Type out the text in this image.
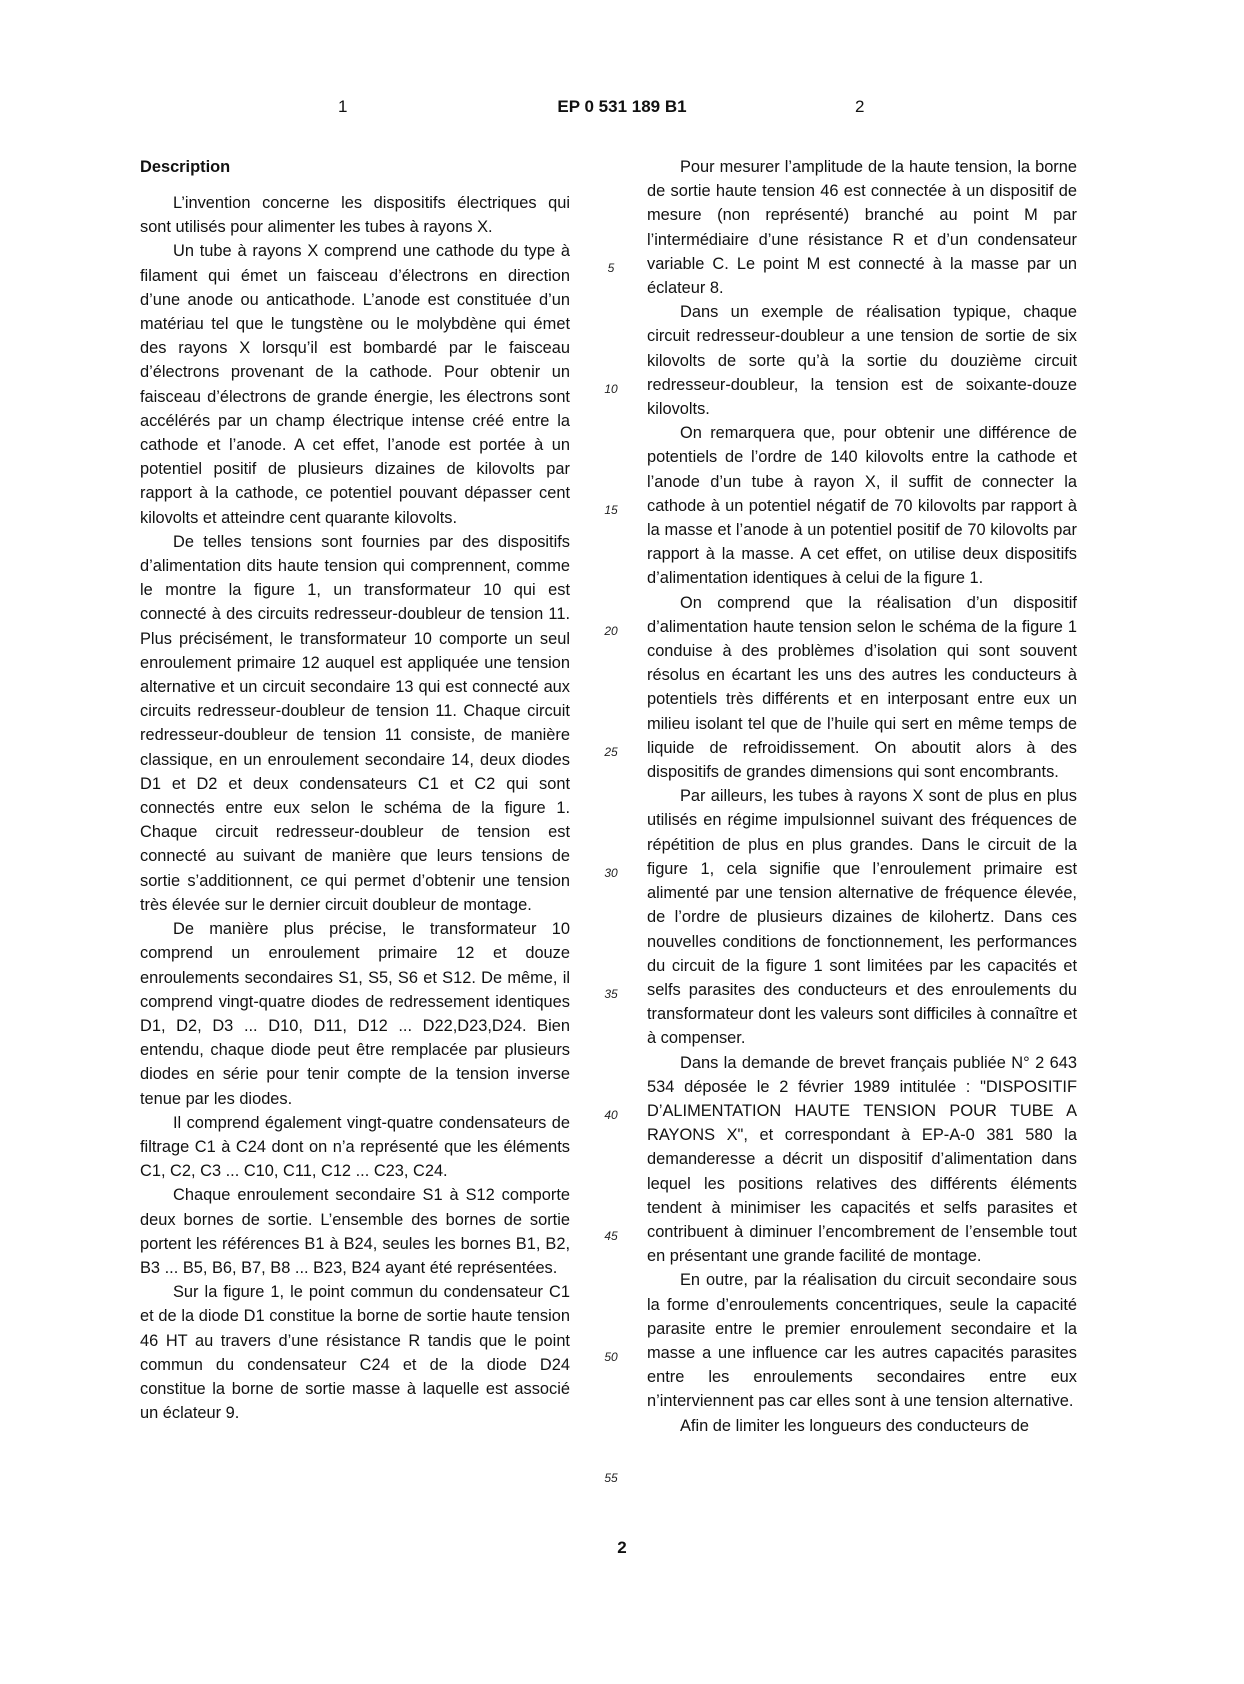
1	EP 0 531 189 B1	2
Description

L’invention concerne les dispositifs électriques qui sont utilisés pour alimenter les tubes à rayons X.

Un tube à rayons X comprend une cathode du type à filament qui émet un faisceau d’électrons en direction d’une anode ou anticathode. L’anode est constituée d’un matériau tel que le tungstène ou le molybdène qui émet des rayons X lorsqu’il est bombardé par le faisceau d’électrons provenant de la cathode. Pour obtenir un faisceau d’électrons de grande énergie, les électrons sont accélérés par un champ électrique intense créé entre la cathode et l’anode. A cet effet, l’anode est portée à un potentiel positif de plusieurs dizaines de kilovolts par rapport à la cathode, ce potentiel pouvant dépasser cent kilovolts et atteindre cent quarante kilovolts.

De telles tensions sont fournies par des dispositifs d’alimentation dits haute tension qui comprennent, comme le montre la figure 1, un transformateur 10 qui est connecté à des circuits redresseur-doubleur de tension 11. Plus précisément, le transformateur 10 comporte un seul enroulement primaire 12 auquel est appliquée une tension alternative et un circuit secondaire 13 qui est connecté aux circuits redresseur-doubleur de tension 11. Chaque circuit redresseur-doubleur de tension 11 consiste, de manière classique, en un enroulement secondaire 14, deux diodes D1 et D2 et deux condensateurs C1 et C2 qui sont connectés entre eux selon le schéma de la figure 1. Chaque circuit redresseur-doubleur de tension est connecté au suivant de manière que leurs tensions de sortie s’additionnent, ce qui permet d’obtenir une tension très élevée sur le dernier circuit doubleur de montage.

De manière plus précise, le transformateur 10 comprend un enroulement primaire 12 et douze enroulements secondaires S1, S5, S6 et S12. De même, il comprend vingt-quatre diodes de redressement identiques D1, D2, D3 ... D10, D11, D12 ... D22,D23,D24. Bien entendu, chaque diode peut être remplacée par plusieurs diodes en série pour tenir compte de la tension inverse tenue par les diodes.

Il comprend également vingt-quatre condensateurs de filtrage C1 à C24 dont on n’a représenté que les éléments C1, C2, C3 ... C10, C11, C12 ... C23, C24.

Chaque enroulement secondaire S1 à S12 comporte deux bornes de sortie. L’ensemble des bornes de sortie portent les références B1 à B24, seules les bornes B1, B2, B3 ... B5, B6, B7, B8 ... B23, B24 ayant été représentées.

Sur la figure 1, le point commun du condensateur C1 et de la diode D1 constitue la borne de sortie haute tension 46 HT au travers d’une résistance R tandis que le point commun du condensateur C24 et de la diode D24 constitue la borne de sortie masse à laquelle est associé un éclateur 9.

5
10
15
20
25
30
35
40
45
50
55

Pour mesurer l’amplitude de la haute tension, la borne de sortie haute tension 46 est connectée à un dispositif de mesure (non représenté) branché au point M par l’intermédiaire d’une résistance R et d’un condensateur variable C. Le point M est connecté à la masse par un éclateur 8.

Dans un exemple de réalisation typique, chaque circuit redresseur-doubleur a une tension de sortie de six kilovolts de sorte qu’à la sortie du douzième circuit redresseur-doubleur, la tension est de soixante-douze kilovolts.

On remarquera que, pour obtenir une différence de potentiels de l’ordre de 140 kilovolts entre la cathode et l’anode d’un tube à rayon X, il suffit de connecter la cathode à un potentiel négatif de 70 kilovolts par rapport à la masse et l’anode à un potentiel positif de 70 kilovolts par rapport à la masse. A cet effet, on utilise deux dispositifs d’alimentation identiques à celui de la figure 1.

On comprend que la réalisation d’un dispositif d’alimentation haute tension selon le schéma de la figure 1 conduise à des problèmes d’isolation qui sont souvent résolus en écartant les uns des autres les conducteurs à potentiels très différents et en interposant entre eux un milieu isolant tel que de l’huile qui sert en même temps de liquide de refroidissement. On aboutit alors à des dispositifs de grandes dimensions qui sont encombrants.

Par ailleurs, les tubes à rayons X sont de plus en plus utilisés en régime impulsionnel suivant des fréquences de répétition de plus en plus grandes. Dans le circuit de la figure 1, cela signifie que l’enroulement primaire est alimenté par une tension alternative de fréquence élevée, de l’ordre de plusieurs dizaines de kilohertz. Dans ces nouvelles conditions de fonctionnement, les performances du circuit de la figure 1 sont limitées par les capacités et selfs parasites des conducteurs et des enroulements du transformateur dont les valeurs sont difficiles à connaître et à compenser.

Dans la demande de brevet français publiée N° 2 643 534 déposée le 2 février 1989 intitulée : "DISPOSITIF D’ALIMENTATION HAUTE TENSION POUR TUBE A RAYONS X", et correspondant à EP-A-0 381 580 la demanderesse a décrit un dispositif d’alimentation dans lequel les positions relatives des différents éléments tendent à minimiser les capacités et selfs parasites et contribuent à diminuer l’encombrement de l’ensemble tout en présentant une grande facilité de montage.

En outre, par la réalisation du circuit secondaire sous la forme d’enroulements concentriques, seule la capacité parasite entre le premier enroulement secondaire et la masse a une influence car les autres capacités parasites entre les enroulements secondaires entre eux n’interviennent pas car elles sont à une tension alternative.

Afin de limiter les longueurs des conducteurs de

2
